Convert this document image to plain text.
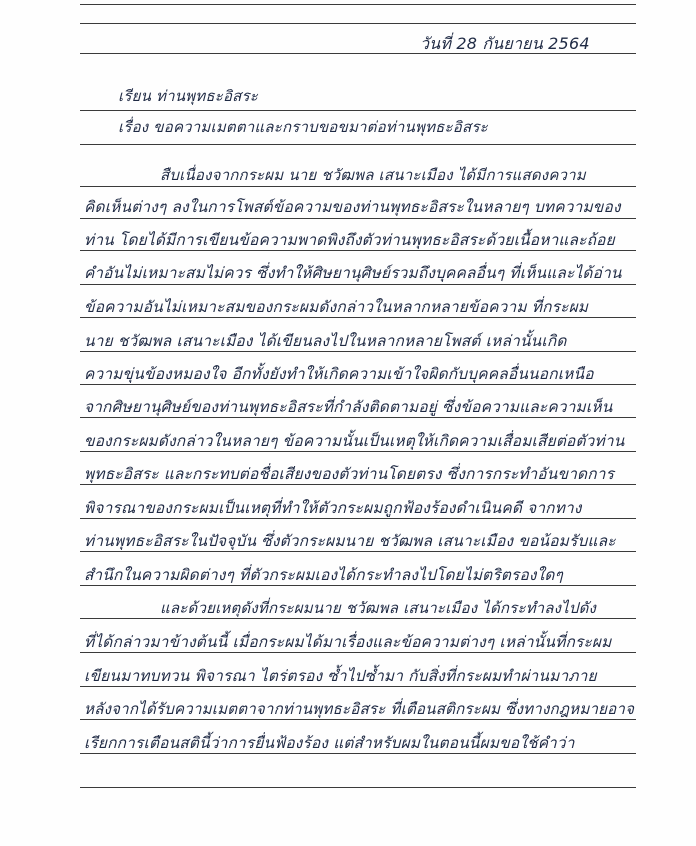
วันที่ 28 กันยายน 2564
เรียน ท่านพุทธะอิสระ
เรื่อง ขอความเมตตาและกราบขอขมาต่อท่านพุทธะอิสระ
สืบเนื่องจากกระผม นาย ชวัฒพล เสนาะเมือง ได้มีการแสดงความ
คิดเห็นต่างๆ ลงในการโพสต์ข้อความของท่านพุทธะอิสระในหลายๆ บทความของ
ท่าน โดยได้มีการเขียนข้อความพาดพิงถึงตัวท่านพุทธะอิสระด้วยเนื้อหาและถ้อย
คำอันไม่เหมาะสมไม่ควร ซึ่งทำให้ศิษยานุศิษย์รวมถึงบุคคลอื่นๆ ที่เห็นและได้อ่าน
ข้อความอันไม่เหมาะสมของกระผมดังกล่าวในหลากหลายข้อความ ที่กระผม
นาย ชวัฒพล เสนาะเมือง ได้เขียนลงไปในหลากหลายโพสต์ เหล่านั้นเกิด
ความขุ่นข้องหมองใจ อีกทั้งยังทำให้เกิดความเข้าใจผิดกับบุคคลอื่นนอกเหนือ
จากศิษยานุศิษย์ของท่านพุทธะอิสระที่กำลังติดตามอยู่ ซึ่งข้อความและความเห็น
ของกระผมดังกล่าวในหลายๆ ข้อความนั้นเป็นเหตุให้เกิดความเสื่อมเสียต่อตัวท่าน
พุทธะอิสระ และกระทบต่อชื่อเสียงของตัวท่านโดยตรง ซึ่งการกระทำอันขาดการ
พิจารณาของกระผมเป็นเหตุที่ทำให้ตัวกระผมถูกฟ้องร้องดำเนินคดี จากทาง
ท่านพุทธะอิสระในปัจจุบัน ซึ่งตัวกระผมนาย ชวัฒพล เสนาะเมือง ขอน้อมรับและ
สำนึกในความผิดต่างๆ ที่ตัวกระผมเองได้กระทำลงไปโดยไม่ตริตรองใดๆ
และด้วยเหตุดังที่กระผมนาย ชวัฒพล เสนาะเมือง ได้กระทำลงไปดัง
ที่ได้กล่าวมาข้างต้นนี้ เมื่อกระผมได้มาเรื่องและข้อความต่างๆ เหล่านั้นที่กระผม
เขียนมาทบทวน พิจารณา ไตร่ตรอง ซ้ำไปซ้ำมา กับสิ่งที่กระผมทำผ่านมาภาย
หลังจากได้รับความเมตตาจากท่านพุทธะอิสระ ที่เตือนสติกระผม ซึ่งทางกฎหมายอาจ
เรียกการเตือนสตินี้ว่าการยื่นฟ้องร้อง แต่สำหรับผมในตอนนี้ผมขอใช้คำว่า
